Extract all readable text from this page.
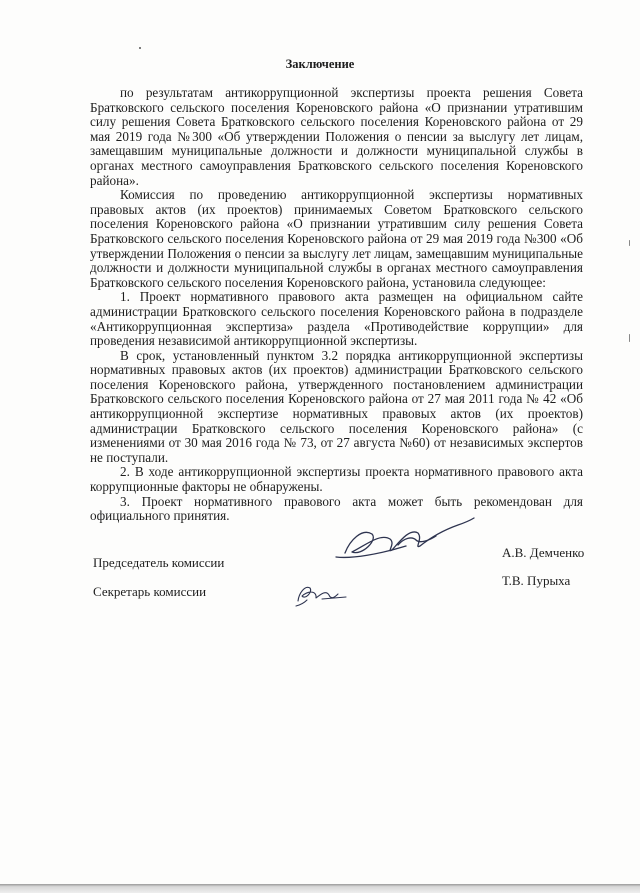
Заключение

по результатам антикоррупционной экспертизы проекта решения Совета Братковского сельского поселения Кореновского района «О признании утратившим силу решения Совета Братковского сельского поселения Кореновского района от 29 мая 2019 года №300 «Об утверждении Положения о пенсии за выслугу лет лицам, замещавшим муниципальные должности и должности муниципальной службы в органах местного самоуправления Братковского сельского поселения Кореновского района».

Комиссия по проведению антикоррупционной экспертизы нормативных правовых актов (их проектов) принимаемых Советом Братковского сельского поселения Кореновского района «О признании утратившим силу решения Совета Братковского сельского поселения Кореновского района от 29 мая 2019 года №300 «Об утверждении Положения о пенсии за выслугу лет лицам, замещавшим муниципальные должности и должности муниципальной службы в органах местного самоуправления Братковского сельского поселения Кореновского района, установила следующее:

1. Проект нормативного правового акта размещен на официальном сайте администрации Братковского сельского поселения Кореновского района в подразделе «Антикоррупционная экспертиза» раздела «Противодействие коррупции» для проведения независимой антикоррупционной экспертизы.

В срок, установленный пунктом 3.2 порядка антикоррупционной экспертизы нормативных правовых актов (их проектов) администрации Братковского сельского поселения Кореновского района, утвержденного постановлением администрации Братковского сельского поселения Кореновского района от 27 мая 2011 года № 42 «Об антикоррупционной экспертизе нормативных правовых актов (их проектов) администрации Братковского сельского поселения Кореновского района» (с изменениями от 30 мая 2016 года № 73, от 27 августа №60) от независимых экспертов не поступали.

2. В ходе антикоррупционной экспертизы проекта нормативного правового акта коррупционные факторы не обнаружены.

3. Проект нормативного правового акта может быть рекомендован для официального принятия.

Председатель комиссии
А.В. Демченко
Секретарь комиссии
Т.В. Пурыха
